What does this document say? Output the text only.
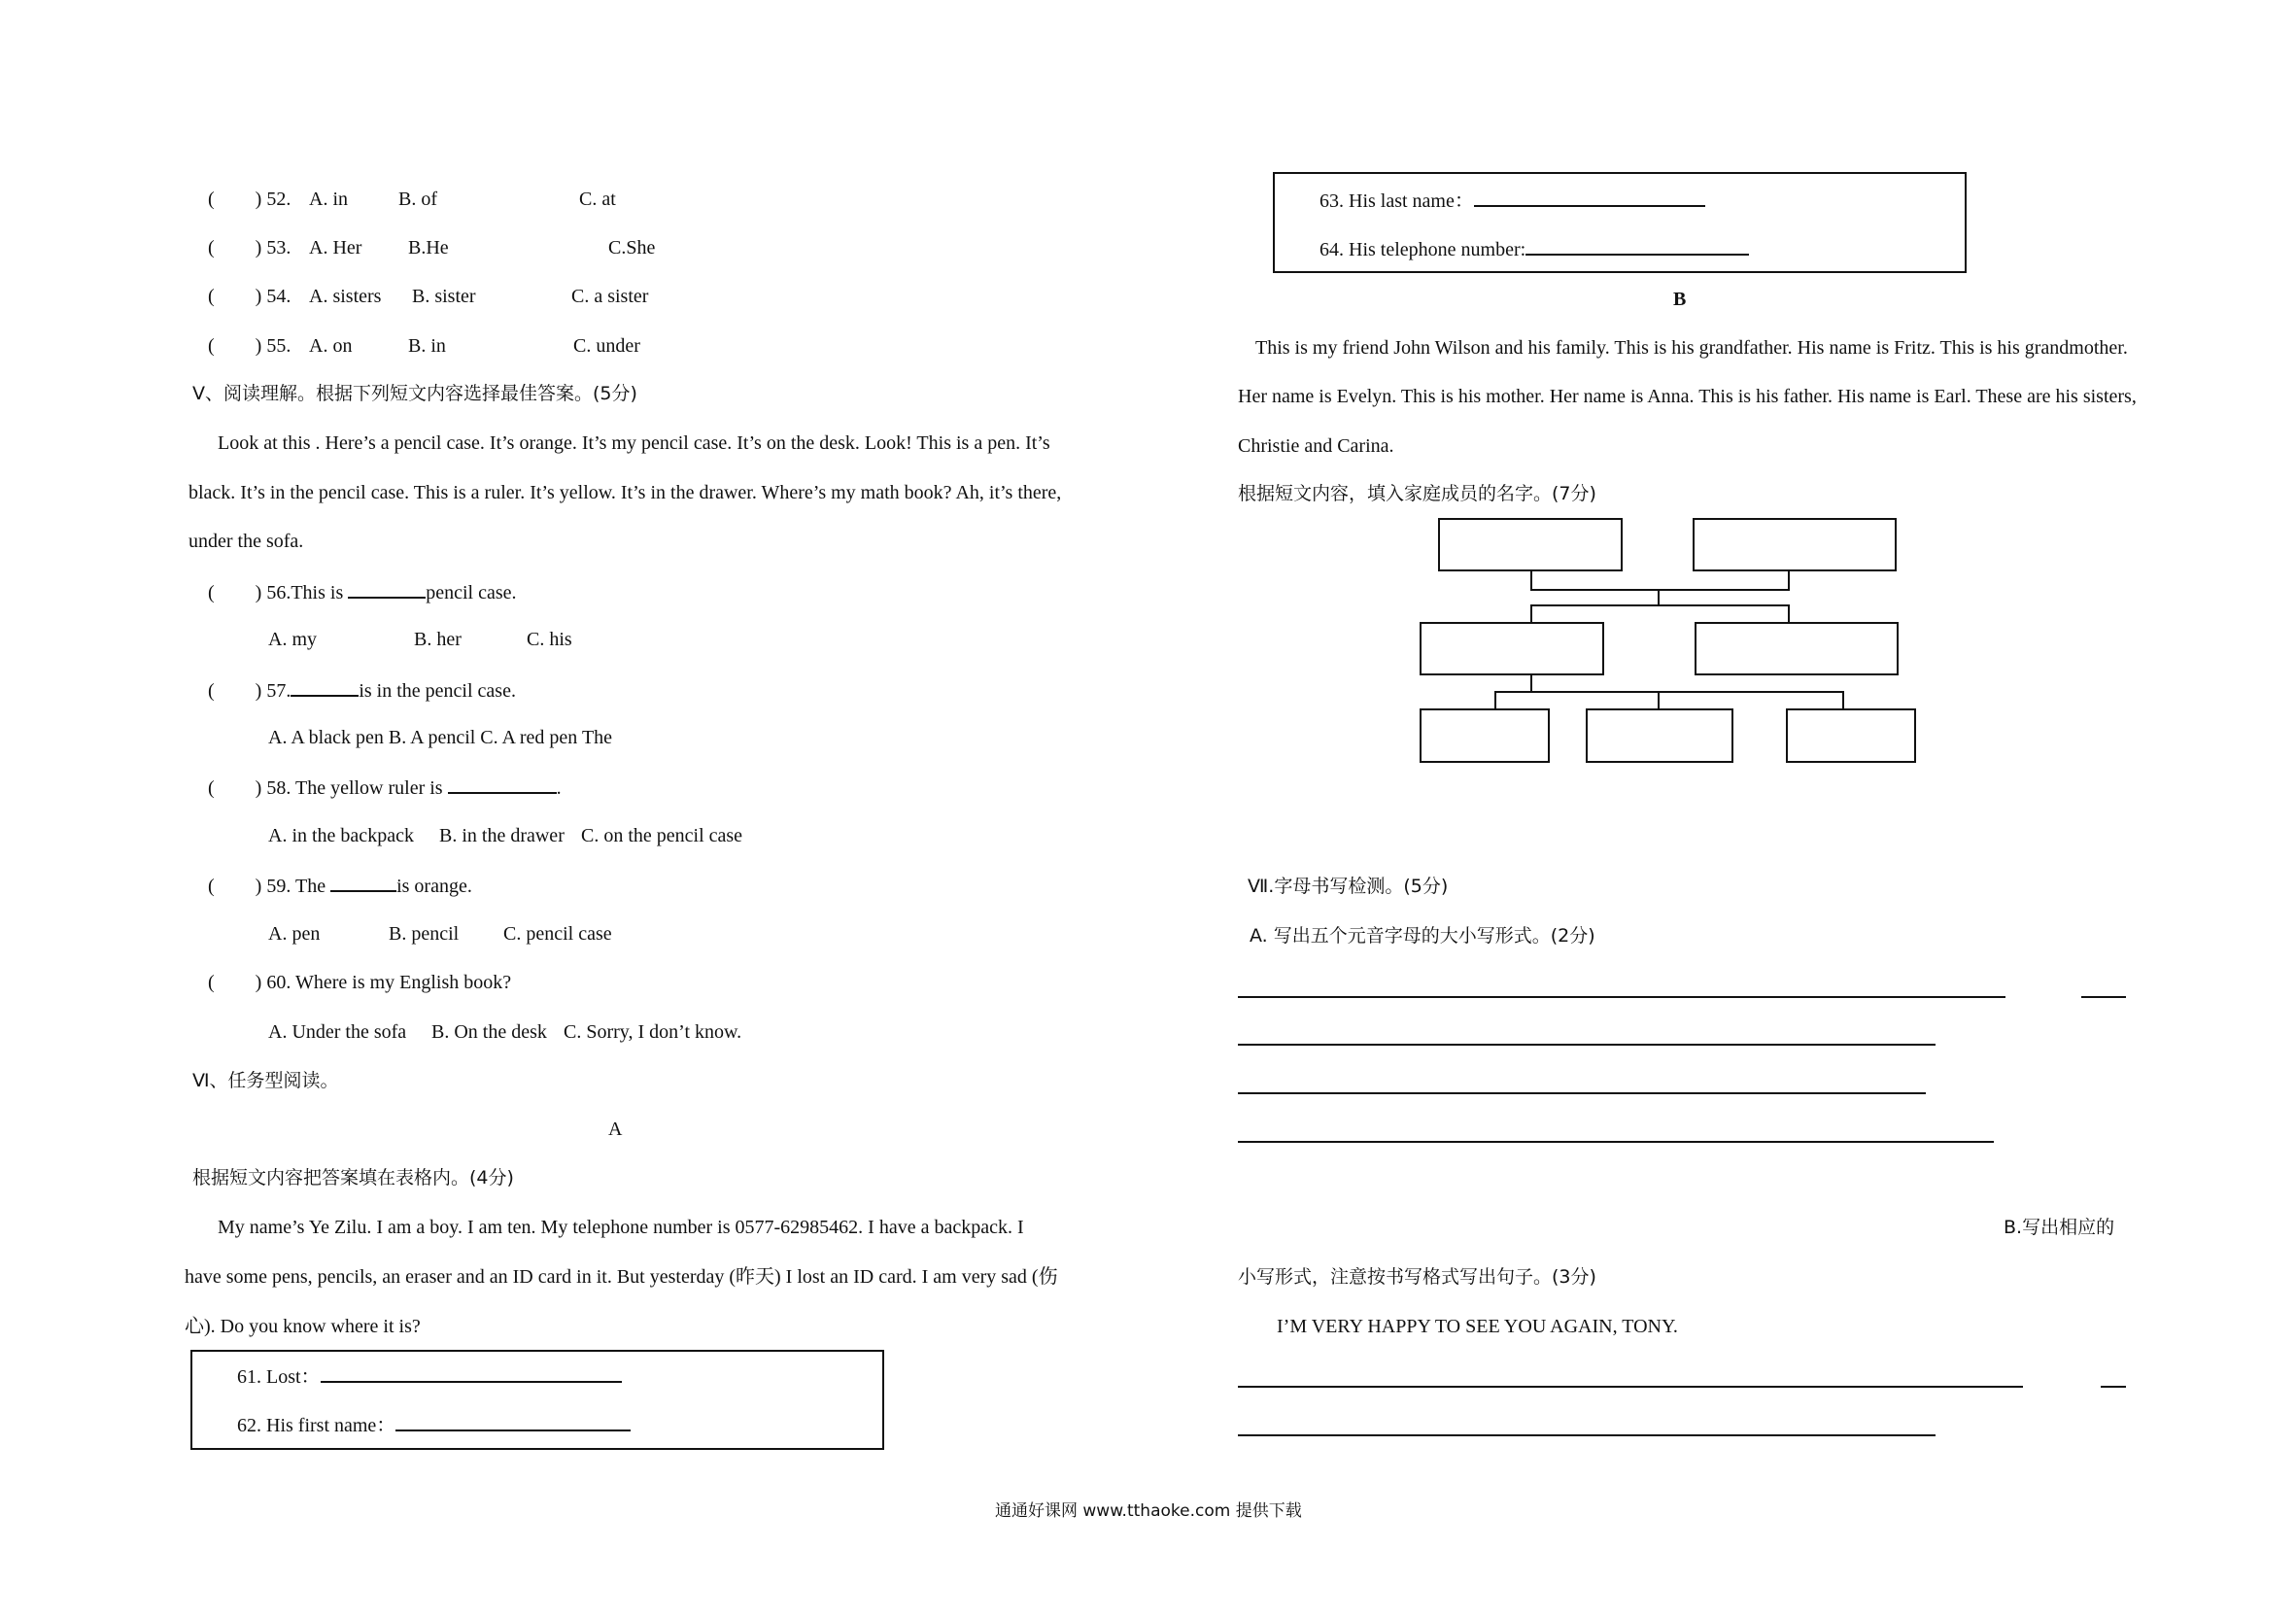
( ) 52. A. in	B. of	C. at
( ) 53. A. Her B.He	C.She
( ) 54. A. sisters B. sister	C. a sister
( ) 55. A. on	B. in	C. under
Ⅴ、阅读理解。根据下列短文内容选择最佳答案。(5分)
Look at this . Here’s a pencil case. It’s orange. It’s my pencil case. It’s on the desk. Look! This is a pen. It’s
black. It’s in the pencil case. This is a ruler. It’s yellow. It’s in the drawer. Where’s my math book? Ah, it’s there,
under the sofa.
( ) 56.This is	pencil case.
A. my	B. her	C. his
( ) 57.	is in the pencil case.
A. A black pen B. A pencil C. A red pen The
( ) 58. The yellow ruler is	.
A. in the backpack B. in the drawer C. on the pencil case
( ) 59. The	is orange.
A. pen	B. pencil C. pencil case
( ) 60. Where is my English book?
A. Under the sofa B. On the desk C. Sorry, I don’t know.
Ⅵ、任务型阅读。
A
根据短文内容把答案填在表格内。(4分)
My name’s Ye Zilu. I am a boy. I am ten. My telephone number is 0577-62985462. I have a backpack. I
have some pens, pencils, an eraser and an ID card in it. But yesterday (昨天) I lost an ID card. I am very sad (伤
心). Do you know where it is?
61. Lost：
62. His first name：
63. His last name：
64. His telephone number:
B
This is my friend John Wilson and his family. This is his grandfather. His name is Fritz. This is his grandmother.
Her name is Evelyn. This is his mother. Her name is Anna. This is his father. His name is Earl. These are his sisters,
Christie and Carina.
根据短文内容，填入家庭成员的名字。(7分)
Ⅶ.字母书写检测。(5分)
A. 写出五个元音字母的大小写形式。(2分)
B.写出相应的
小写形式，注意按书写格式写出句子。(3分)
I’M VERY HAPPY TO SEE YOU AGAIN, TONY.
通通好课网 www.tthaoke.com 提供下载
